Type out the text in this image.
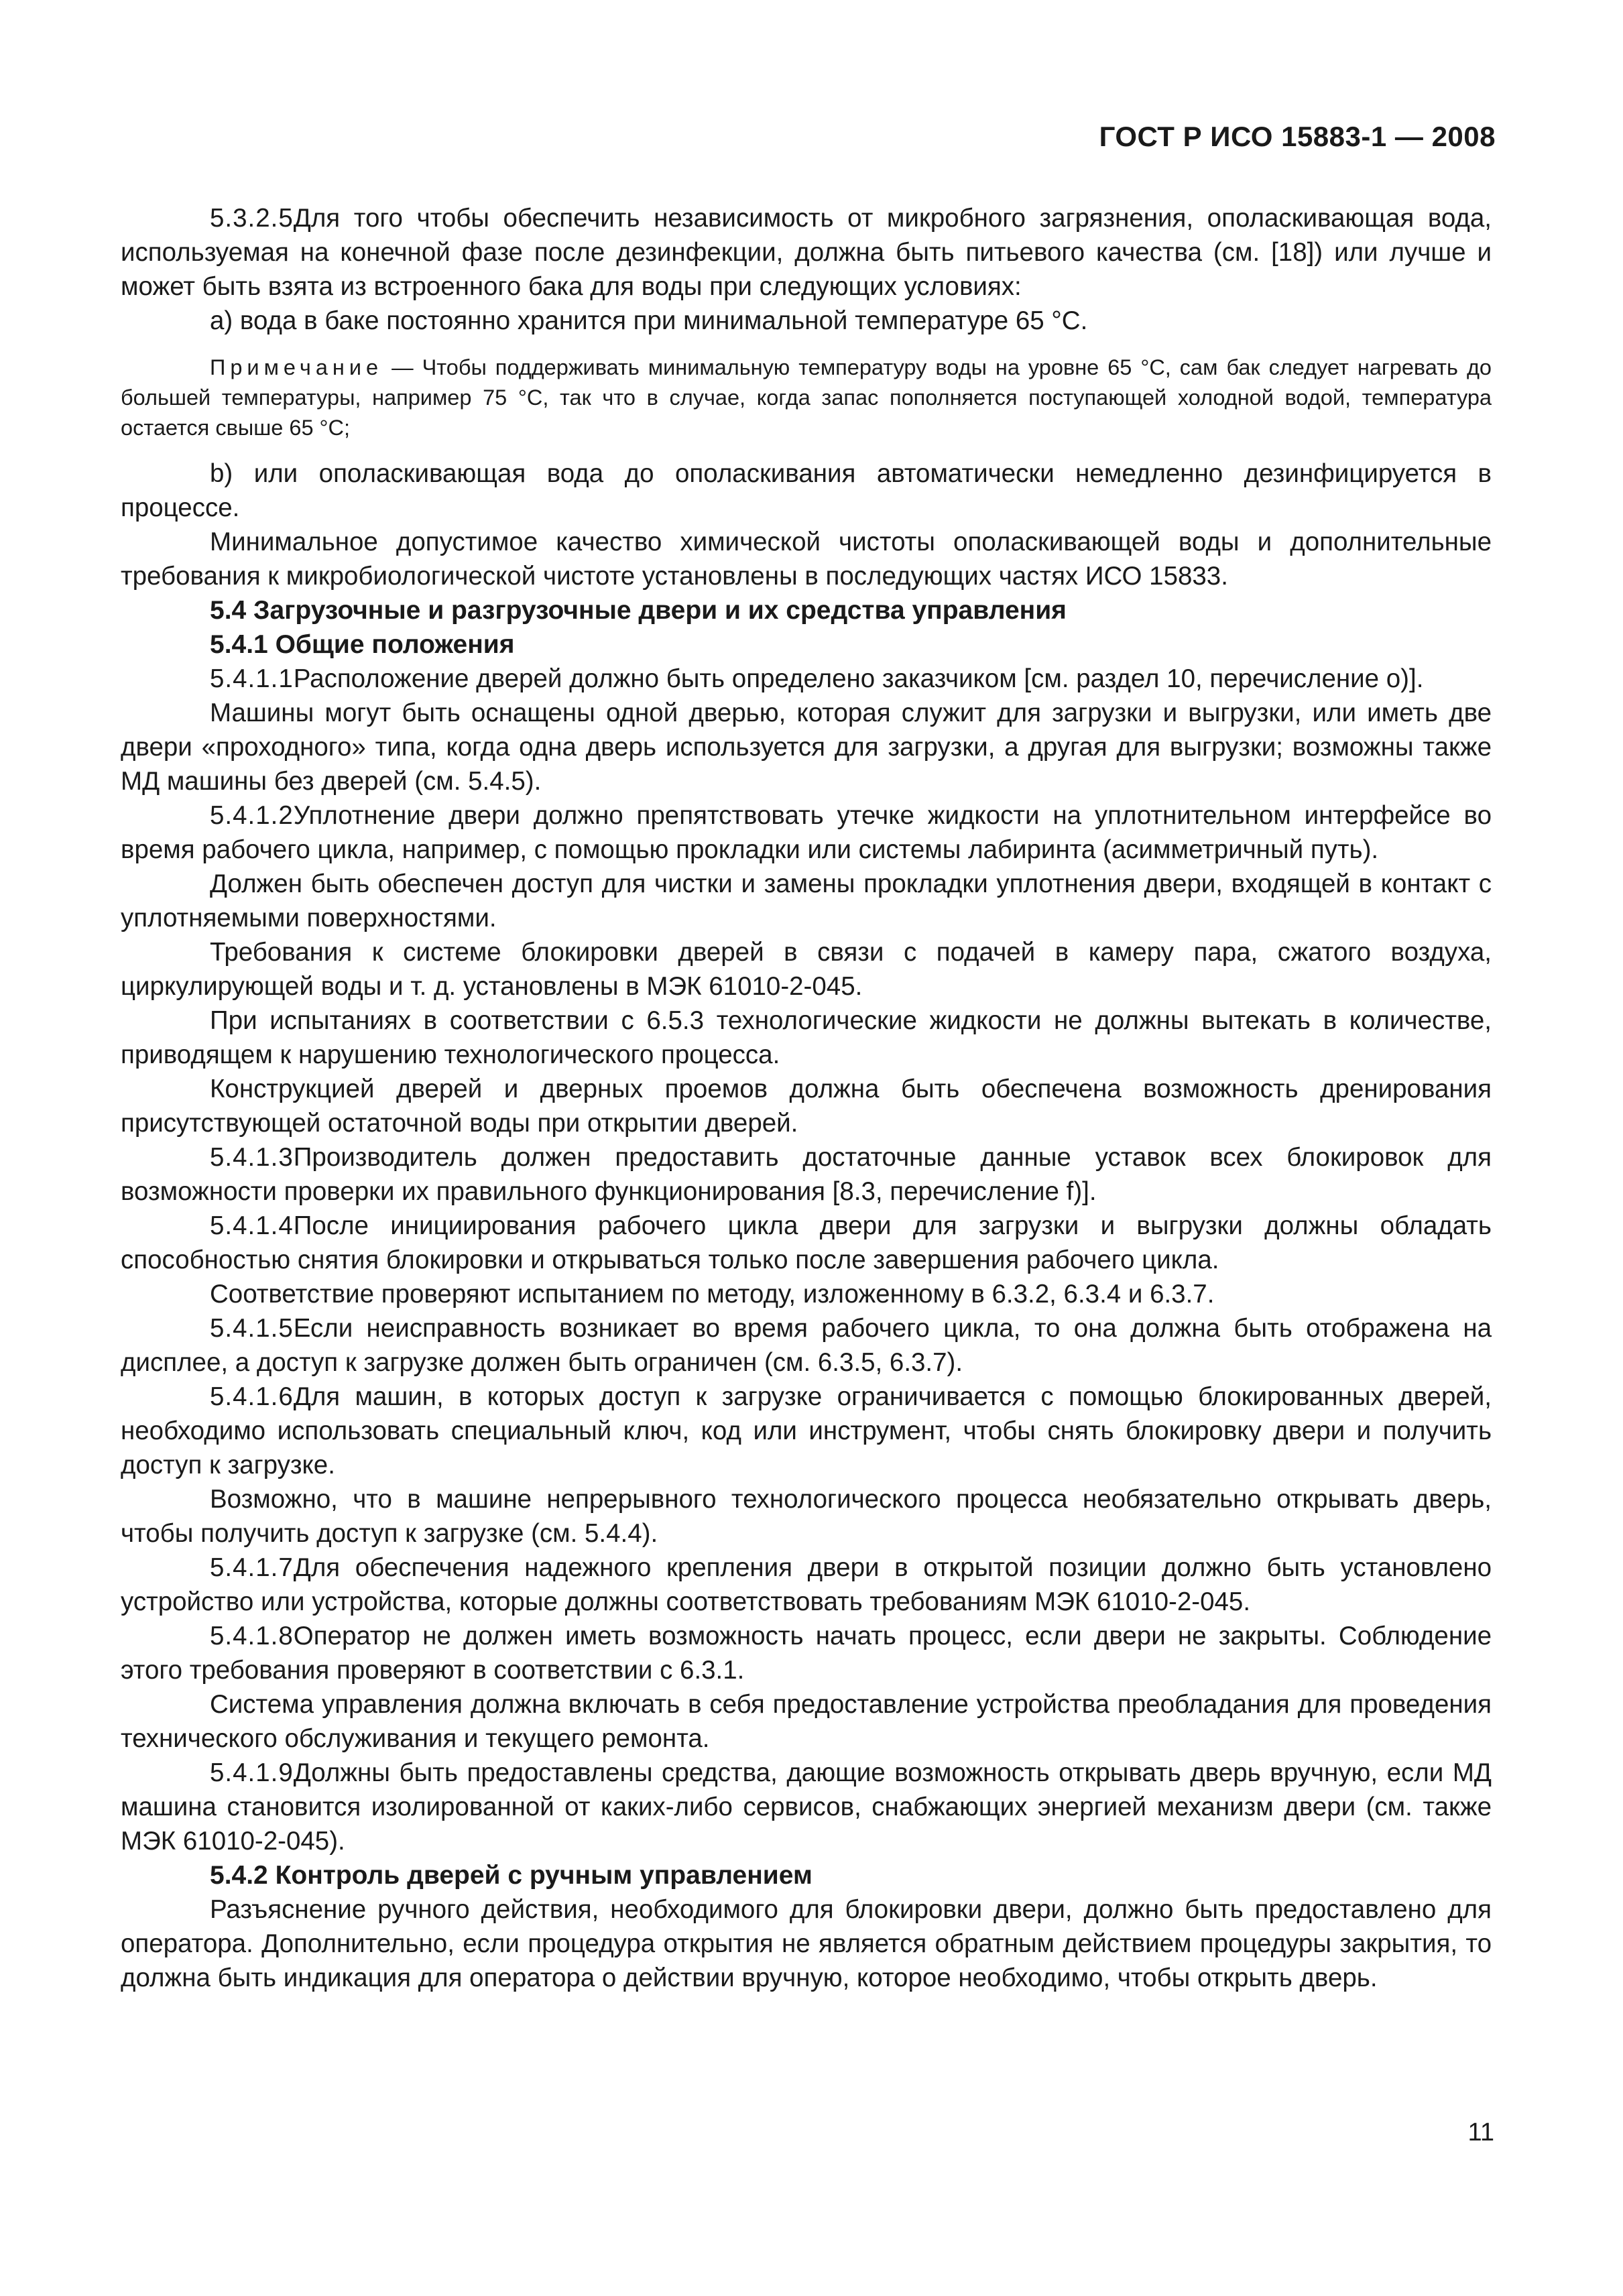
ГОСТ Р ИСО 15883-1 — 2008

5.3.2.5Для того чтобы обеспечить независимость от микробного загрязнения, ополаскивающая вода, используемая на конечной фазе после дезинфекции, должна быть питьевого качества (см. [18]) или лучше и может быть взята из встроенного бака для воды при следующих условиях:

a) вода в баке постоянно хранится при минимальной температуре 65 °С.

Примечание — Чтобы поддерживать минимальную температуру воды на уровне 65 °С, сам бак следует нагревать до большей температуры, например 75 °С, так что в случае, когда запас пополняется поступающей холодной водой, температура остается свыше 65 °С;

b) или ополаскивающая вода до ополаскивания автоматически немедленно дезинфицируется в процессе.

Минимальное допустимое качество химической чистоты ополаскивающей воды и дополнительные требования к микробиологической чистоте установлены в последующих частях ИСО 15833.

5.4 Загрузочные и разгрузочные двери и их средства управления

5.4.1 Общие положения

5.4.1.1Расположение дверей должно быть определено заказчиком [см. раздел 10, перечисление о)].

Машины могут быть оснащены одной дверью, которая служит для загрузки и выгрузки, или иметь две двери «проходного» типа, когда одна дверь используется для загрузки, а другая для выгрузки; возможны также МД машины без дверей (см. 5.4.5).

5.4.1.2Уплотнение двери должно препятствовать утечке жидкости на уплотнительном интерфейсе во время рабочего цикла, например, с помощью прокладки или системы лабиринта (асимметричный путь).

Должен быть обеспечен доступ для чистки и замены прокладки уплотнения двери, входящей в контакт с уплотняемыми поверхностями.

Требования к системе блокировки дверей в связи с подачей в камеру пара, сжатого воздуха, циркулирующей воды и т. д. установлены в МЭК 61010-2-045.

При испытаниях в соответствии с 6.5.3 технологические жидкости не должны вытекать в количестве, приводящем к нарушению технологического процесса.

Конструкцией дверей и дверных проемов должна быть обеспечена возможность дренирования присутствующей остаточной воды при открытии дверей.

5.4.1.3Производитель должен предоставить достаточные данные уставок всех блокировок для возможности проверки их правильного функционирования [8.3, перечисление f)].

5.4.1.4После инициирования рабочего цикла двери для загрузки и выгрузки должны обладать способностью снятия блокировки и открываться только после завершения рабочего цикла.

Соответствие проверяют испытанием по методу, изложенному в 6.3.2, 6.3.4 и 6.3.7.

5.4.1.5Если неисправность возникает во время рабочего цикла, то она должна быть отображена на дисплее, а доступ к загрузке должен быть ограничен (см. 6.3.5, 6.3.7).

5.4.1.6Для машин, в которых доступ к загрузке ограничивается с помощью блокированных дверей, необходимо использовать специальный ключ, код или инструмент, чтобы снять блокировку двери и получить доступ к загрузке.

Возможно, что в машине непрерывного технологического процесса необязательно открывать дверь, чтобы получить доступ к загрузке (см. 5.4.4).

5.4.1.7Для обеспечения надежного крепления двери в открытой позиции должно быть установлено устройство или устройства, которые должны соответствовать требованиям МЭК 61010-2-045.

5.4.1.8Оператор не должен иметь возможность начать процесс, если двери не закрыты. Соблюдение этого требования проверяют в соответствии с 6.3.1.

Система управления должна включать в себя предоставление устройства преобладания для проведения технического обслуживания и текущего ремонта.

5.4.1.9Должны быть предоставлены средства, дающие возможность открывать дверь вручную, если МД машина становится изолированной от каких-либо сервисов, снабжающих энергией механизм двери (см. также МЭК 61010-2-045).

5.4.2 Контроль дверей с ручным управлением

Разъяснение ручного действия, необходимого для блокировки двери, должно быть предоставлено для оператора. Дополнительно, если процедура открытия не является обратным действием процедуры закрытия, то должна быть индикация для оператора о действии вручную, которое необходимо, чтобы открыть дверь.

11
